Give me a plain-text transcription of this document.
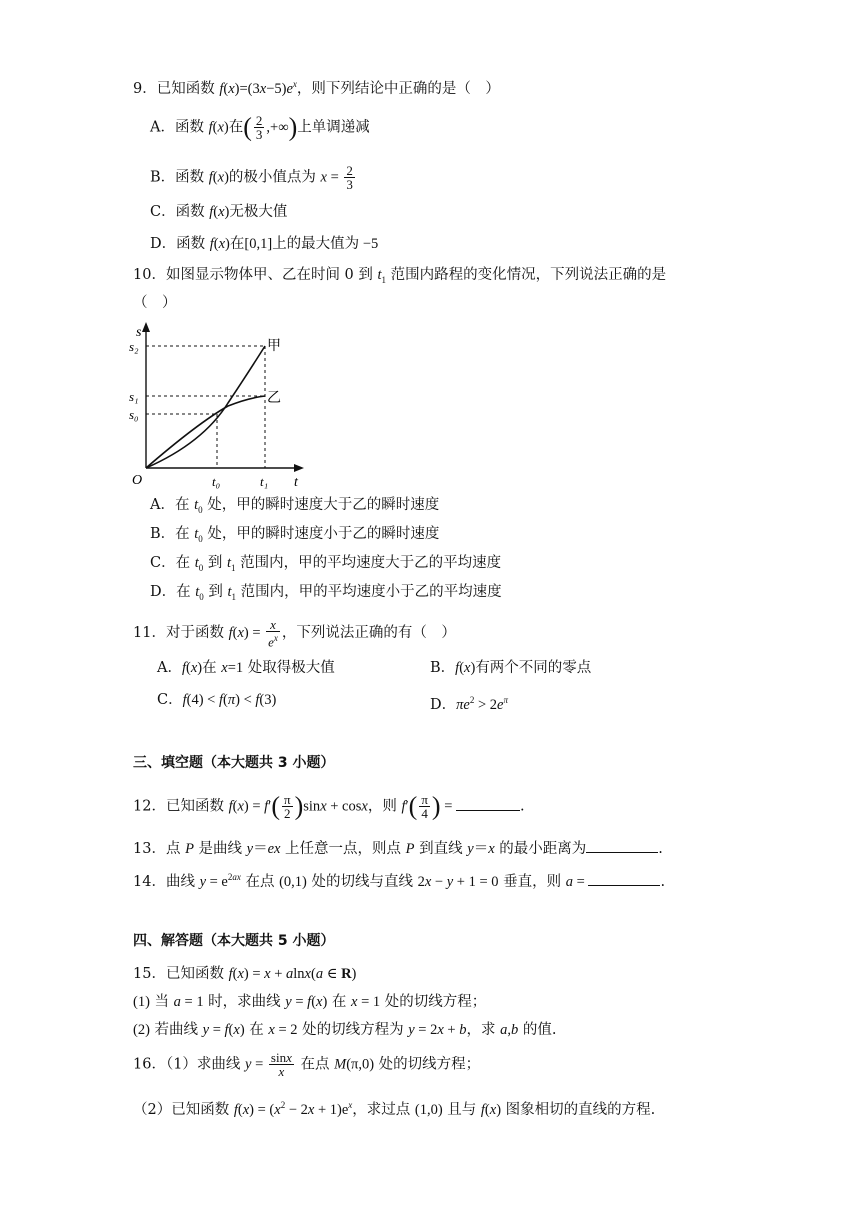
9．已知函数 $f(x)=(3x-5)e^x$，则下列结论中正确的是（　）
A．函数 f(x)在( $\frac{2}{3}$ ,+∞)上单调递减
B．函数 f(x)的极小值点为 $x = \frac{2}{3}$
C．函数 f(x)无极大值
D．函数 f(x)在[0,1]上的最大值为 −5
10．如图显示物体甲、乙在时间 0 到 $t_1$ 范围内路程的变化情况，下列说法正确的是
（　）
s
s₂
s₁
s₀
O	t₀	t₁ t
甲
乙
A．在 $t_0$ 处，甲的瞬时速度大于乙的瞬时速度
B．在 $t_0$ 处，甲的瞬时速度小于乙的瞬时速度
C．在 $t_0$ 到 $t_1$ 范围内，甲的平均速度大于乙的平均速度
D．在 $t_0$ 到 $t_1$ 范围内，甲的平均速度小于乙的平均速度
11．对于函数 $f(x) = \frac{x}{e^x}$ ，下列说法正确的有（　）
A．f(x)在 x=1 处取得极大值	B．f(x)有两个不同的零点
C．f(4) < f(π) < f(3)	D．$\pi e^2 > 2e^\pi$
三、填空题（本大题共 3 小题）
12．已知函数 $f(x) = f'( \frac{\pi}{2} )\sin x + \cos x$，则 $f'( \frac{\pi}{4}$ ) =	.
13．点 P 是曲线 y＝ex 上任意一点，则点 P 到直线 y＝x 的最小距离为	.
14．曲线 $y = e^{2ax}$ 在点 (0,1) 处的切线与直线 2x − y + 1 = 0 垂直，则 a =	.
四、解答题（本大题共 5 小题）
15．已知函数 f(x) = x + alnx(a ∈ R)
(1) 当 a = 1 时，求曲线 y = f(x) 在 x = 1 处的切线方程；
(2) 若曲线 y = f(x) 在 x = 2 处的切线方程为 y = 2x + b，求 a,b 的值.
16．（1）求曲线 $y = \frac{\sin x}{x}$ 在点 M(π,0) 处的切线方程；
（2）已知函数 $f(x) = (x^2 - 2x + 1)e^x$，求过点 (1,0) 且与 f(x) 图象相切的直线的方程.
